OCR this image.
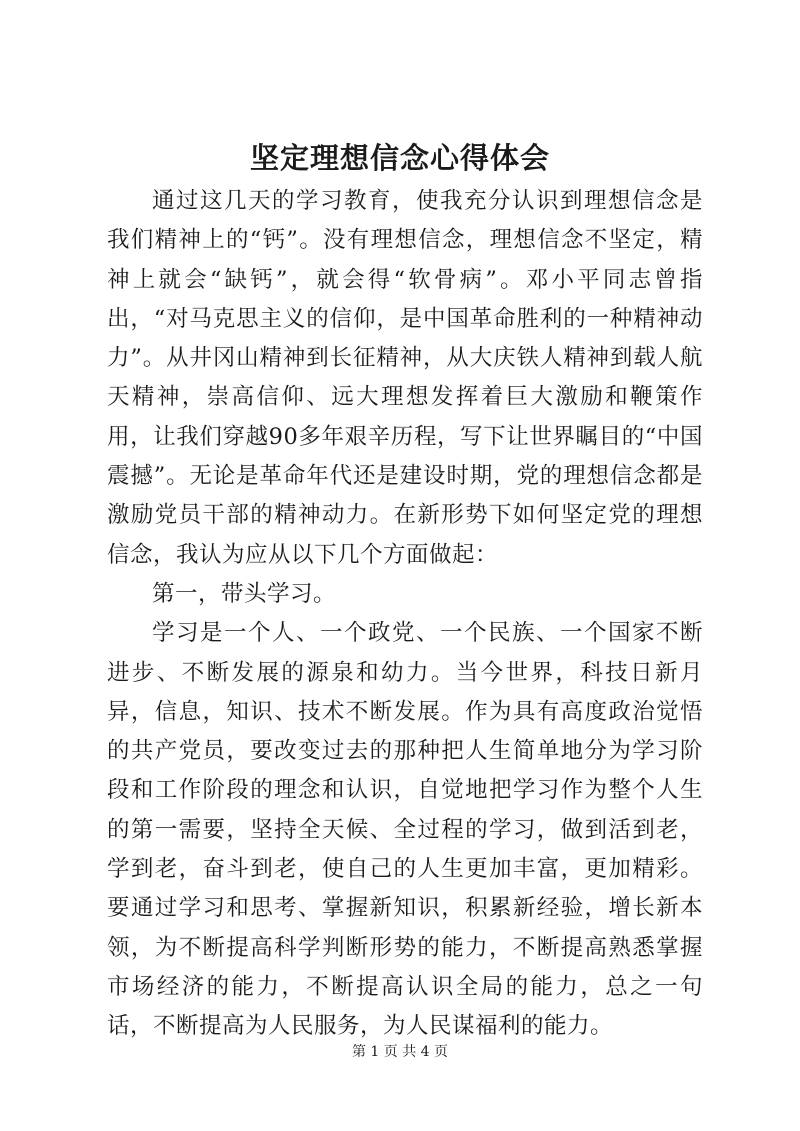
坚定理想信念心得体会

通过这几天的学习教育，使我充分认识到理想信念是我们精神上的“钙”。没有理想信念，理想信念不坚定，精神上就会“缺钙”，就会得“软骨病”。邓小平同志曾指出，“对马克思主义的信仰，是中国革命胜利的一种精神动力”。从井冈山精神到长征精神，从大庆铁人精神到载人航天精神，崇高信仰、远大理想发挥着巨大激励和鞭策作用，让我们穿越90多年艰辛历程，写下让世界瞩目的“中国震撼”。无论是革命年代还是建设时期，党的理想信念都是激励党员干部的精神动力。在新形势下如何坚定党的理想信念，我认为应从以下几个方面做起：

第一，带头学习。

学习是一个人、一个政党、一个民族、一个国家不断进步、不断发展的源泉和幼力。当今世界，科技日新月异，信息，知识、技术不断发展。作为具有高度政治觉悟的共产党员，要改变过去的那种把人生简单地分为学习阶段和工作阶段的理念和认识，自觉地把学习作为整个人生的第一需要，坚持全天候、全过程的学习，做到活到老，学到老，奋斗到老，使自己的人生更加丰富，更加精彩。要通过学习和思考、掌握新知识，积累新经验，增长新本领，为不断提高科学判断形势的能力，不断提高熟悉掌握市场经济的能力，不断提高认识全局的能力，总之一句话，不断提高为人民服务，为人民谋福利的能力。

第 1 页 共 4 页
